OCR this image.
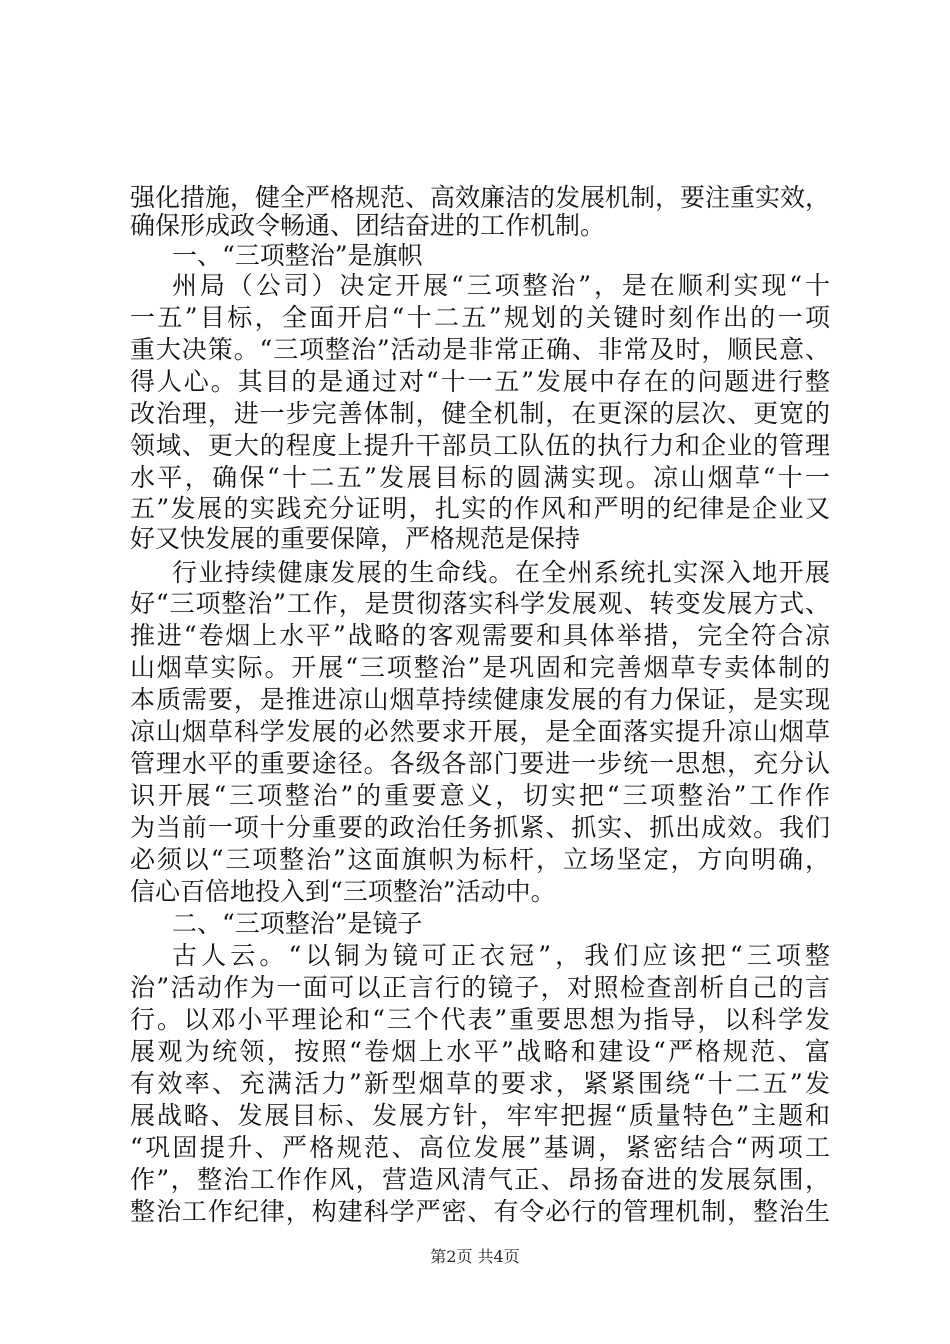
强化措施，健全严格规范、高效廉洁的发展机制，要注重实效，
确保形成政令畅通、团结奋进的工作机制。
一、“三项整治”是旗帜
州局（公司）决定开展“三项整治”，是在顺利实现“十
一五”目标，全面开启“十二五”规划的关键时刻作出的一项
重大决策。“三项整治”活动是非常正确、非常及时，顺民意、
得人心。其目的是通过对“十一五”发展中存在的问题进行整
改治理，进一步完善体制，健全机制，在更深的层次、更宽的
领域、更大的程度上提升干部员工队伍的执行力和企业的管理
水平，确保“十二五”发展目标的圆满实现。凉山烟草“十一
五”发展的实践充分证明，扎实的作风和严明的纪律是企业又
好又快发展的重要保障，严格规范是保持
行业持续健康发展的生命线。在全州系统扎实深入地开展
好“三项整治”工作，是贯彻落实科学发展观、转变发展方式、
推进“卷烟上水平”战略的客观需要和具体举措，完全符合凉
山烟草实际。开展“三项整治”是巩固和完善烟草专卖体制的
本质需要，是推进凉山烟草持续健康发展的有力保证，是实现
凉山烟草科学发展的必然要求开展，是全面落实提升凉山烟草
管理水平的重要途径。各级各部门要进一步统一思想，充分认
识开展“三项整治”的重要意义，切实把“三项整治”工作作
为当前一项十分重要的政治任务抓紧、抓实、抓出成效。我们
必须以“三项整治”这面旗帜为标杆，立场坚定，方向明确，
信心百倍地投入到“三项整治”活动中。
二、“三项整治”是镜子
古人云。“以铜为镜可正衣冠”，我们应该把“三项整
治”活动作为一面可以正言行的镜子，对照检查剖析自己的言
行。以邓小平理论和“三个代表”重要思想为指导，以科学发
展观为统领，按照“卷烟上水平”战略和建设“严格规范、富
有效率、充满活力”新型烟草的要求，紧紧围绕“十二五”发
展战略、发展目标、发展方针，牢牢把握“质量特色”主题和
“巩固提升、严格规范、高位发展”基调，紧密结合“两项工
作”，整治工作作风，营造风清气正、昂扬奋进的发展氛围，
整治工作纪律，构建科学严密、有令必行的管理机制，整治生
第2页 共4页
